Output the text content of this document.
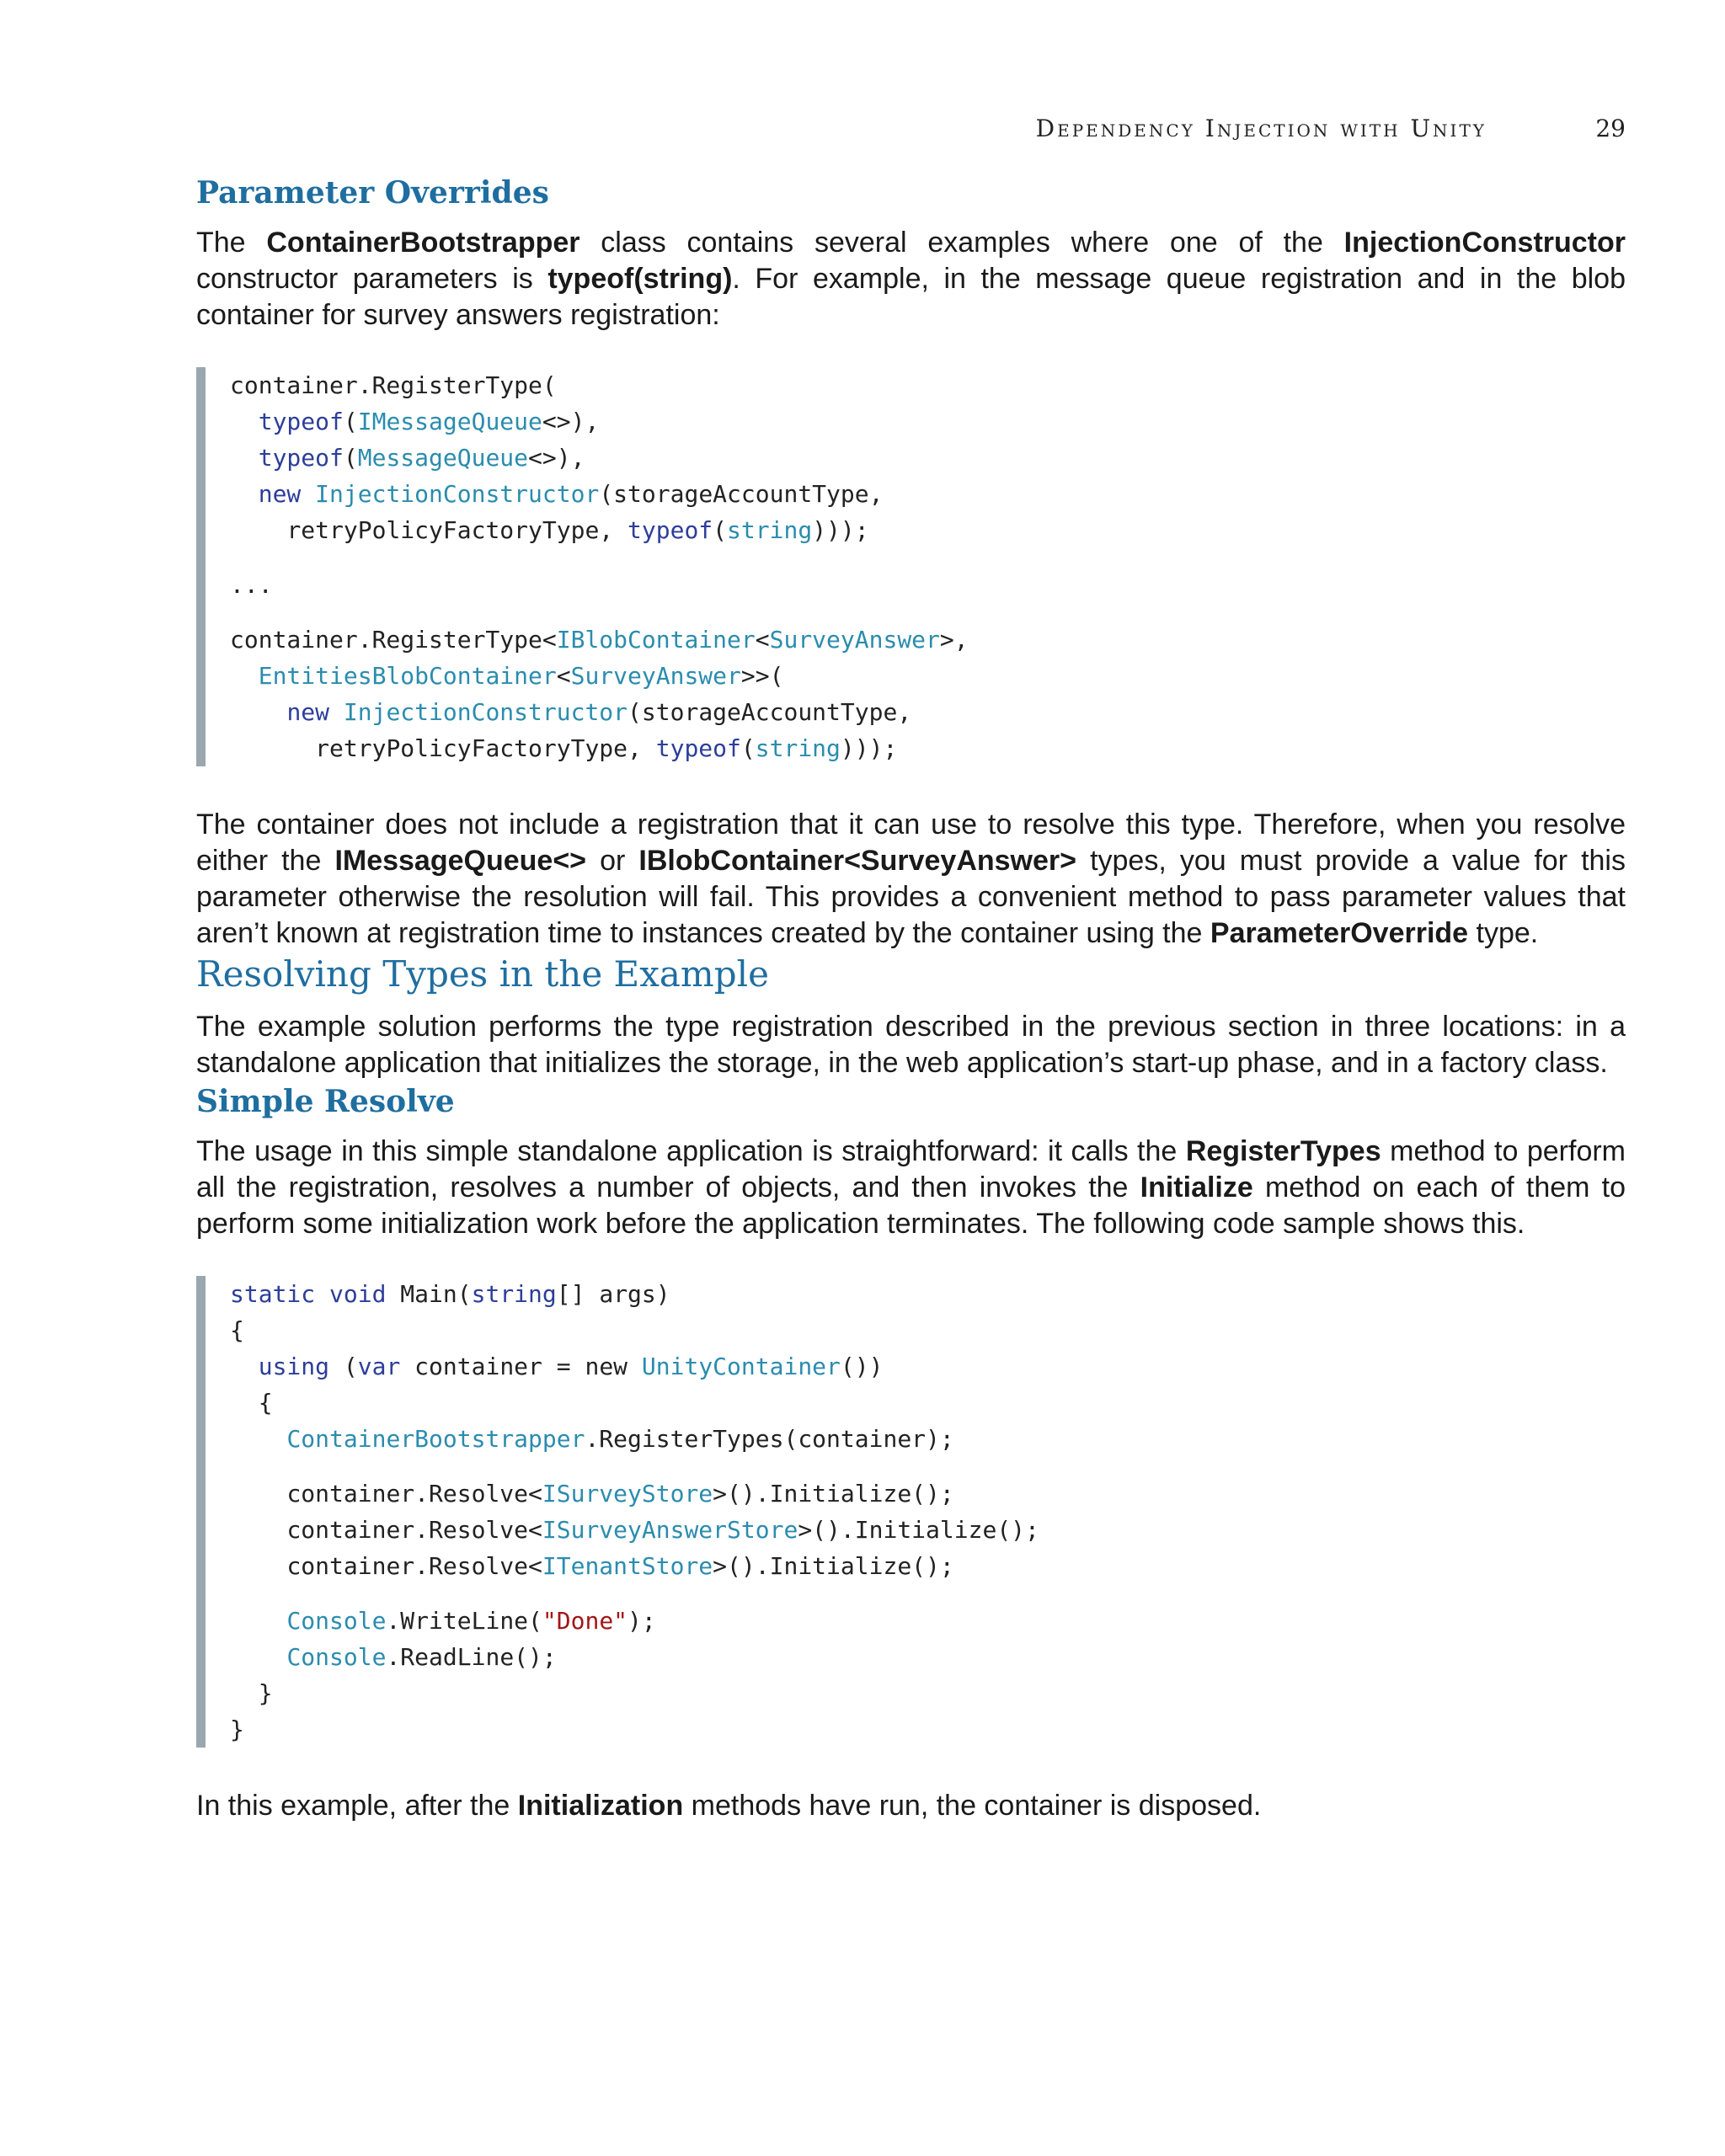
Dependency Injection with Unity	29
Parameter Overrides

The ContainerBootstrapper class contains several examples where one of the InjectionConstructor constructor parameters is typeof(string). For example, in the message queue registration and in the blob container for survey answers registration:

container.RegisterType(
typeof(IMessageQueue<>),
typeof(MessageQueue<>),
new InjectionConstructor(storageAccountType,
retryPolicyFactoryType, typeof(string)));
...
container.RegisterType<IBlobContainer<SurveyAnswer>,
EntitiesBlobContainer<SurveyAnswer>>(
new InjectionConstructor(storageAccountType,
retryPolicyFactoryType, typeof(string)));

The container does not include a registration that it can use to resolve this type. Therefore, when you resolve either the IMessageQueue<> or IBlobContainer<SurveyAnswer> types, you must provide a value for this parameter otherwise the resolution will fail. This provides a convenient method to pass parameter values that aren’t known at registration time to instances created by the container using the ParameterOverride type.

Resolving Types in the Example

The example solution performs the type registration described in the previous section in three locations: in a standalone application that initializes the storage, in the web application’s start-up phase, and in a factory class.

Simple Resolve

The usage in this simple standalone application is straightforward: it calls the RegisterTypes method to perform all the registration, resolves a number of objects, and then invokes the Initialize method on each of them to perform some initialization work before the application terminates. The following code sample shows this.

static void Main(string[] args)
{
using (var container = new UnityContainer())
{
ContainerBootstrapper.RegisterTypes(container);
container.Resolve<ISurveyStore>().Initialize();
container.Resolve<ISurveyAnswerStore>().Initialize();
container.Resolve<ITenantStore>().Initialize();
Console.WriteLine("Done");
Console.ReadLine();
}
}

In this example, after the Initialization methods have run, the container is disposed.
